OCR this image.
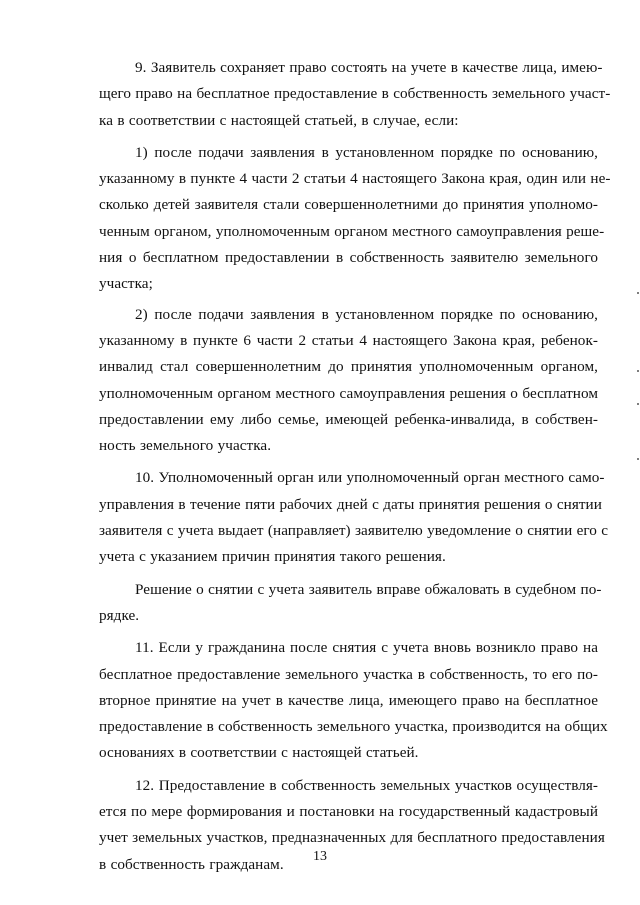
9. Заявитель сохраняет право состоять на учете в качестве лица, имею-
щего право на бесплатное предоставление в собственность земельного участ-
ка в соответствии с настоящей статьей, в случае, если:
1) после подачи заявления в установленном порядке по основанию,
указанному в пункте 4 части 2 статьи 4 настоящего Закона края, один или не-
сколько детей заявителя стали совершеннолетними до принятия уполномо-
ченным органом, уполномоченным органом местного самоуправления реше-
ния о бесплатном предоставлении в собственность заявителю земельного
участка;
2) после подачи заявления в установленном порядке по основанию,
указанному в пункте 6 части 2 статьи 4 настоящего Закона края, ребенок-
инвалид стал совершеннолетним до принятия уполномоченным органом,
уполномоченным органом местного самоуправления решения о бесплатном
предоставлении ему либо семье, имеющей ребенка-инвалида, в собствен-
ность земельного участка.
10. Уполномоченный орган или уполномоченный орган местного само-
управления в течение пяти рабочих дней с даты принятия решения о снятии
заявителя с учета выдает (направляет) заявителю уведомление о снятии его с
учета с указанием причин принятия такого решения.
Решение о снятии с учета заявитель вправе обжаловать в судебном по-
рядке.
11. Если у гражданина после снятия с учета вновь возникло право на
бесплатное предоставление земельного участка в собственность, то его по-
вторное принятие на учет в качестве лица, имеющего право на бесплатное
предоставление в собственность земельного участка, производится на общих
основаниях в соответствии с настоящей статьей.
12. Предоставление в собственность земельных участков осуществля-
ется по мере формирования и постановки на государственный кадастровый
учет земельных участков, предназначенных для бесплатного предоставления
в собственность гражданам.	13
